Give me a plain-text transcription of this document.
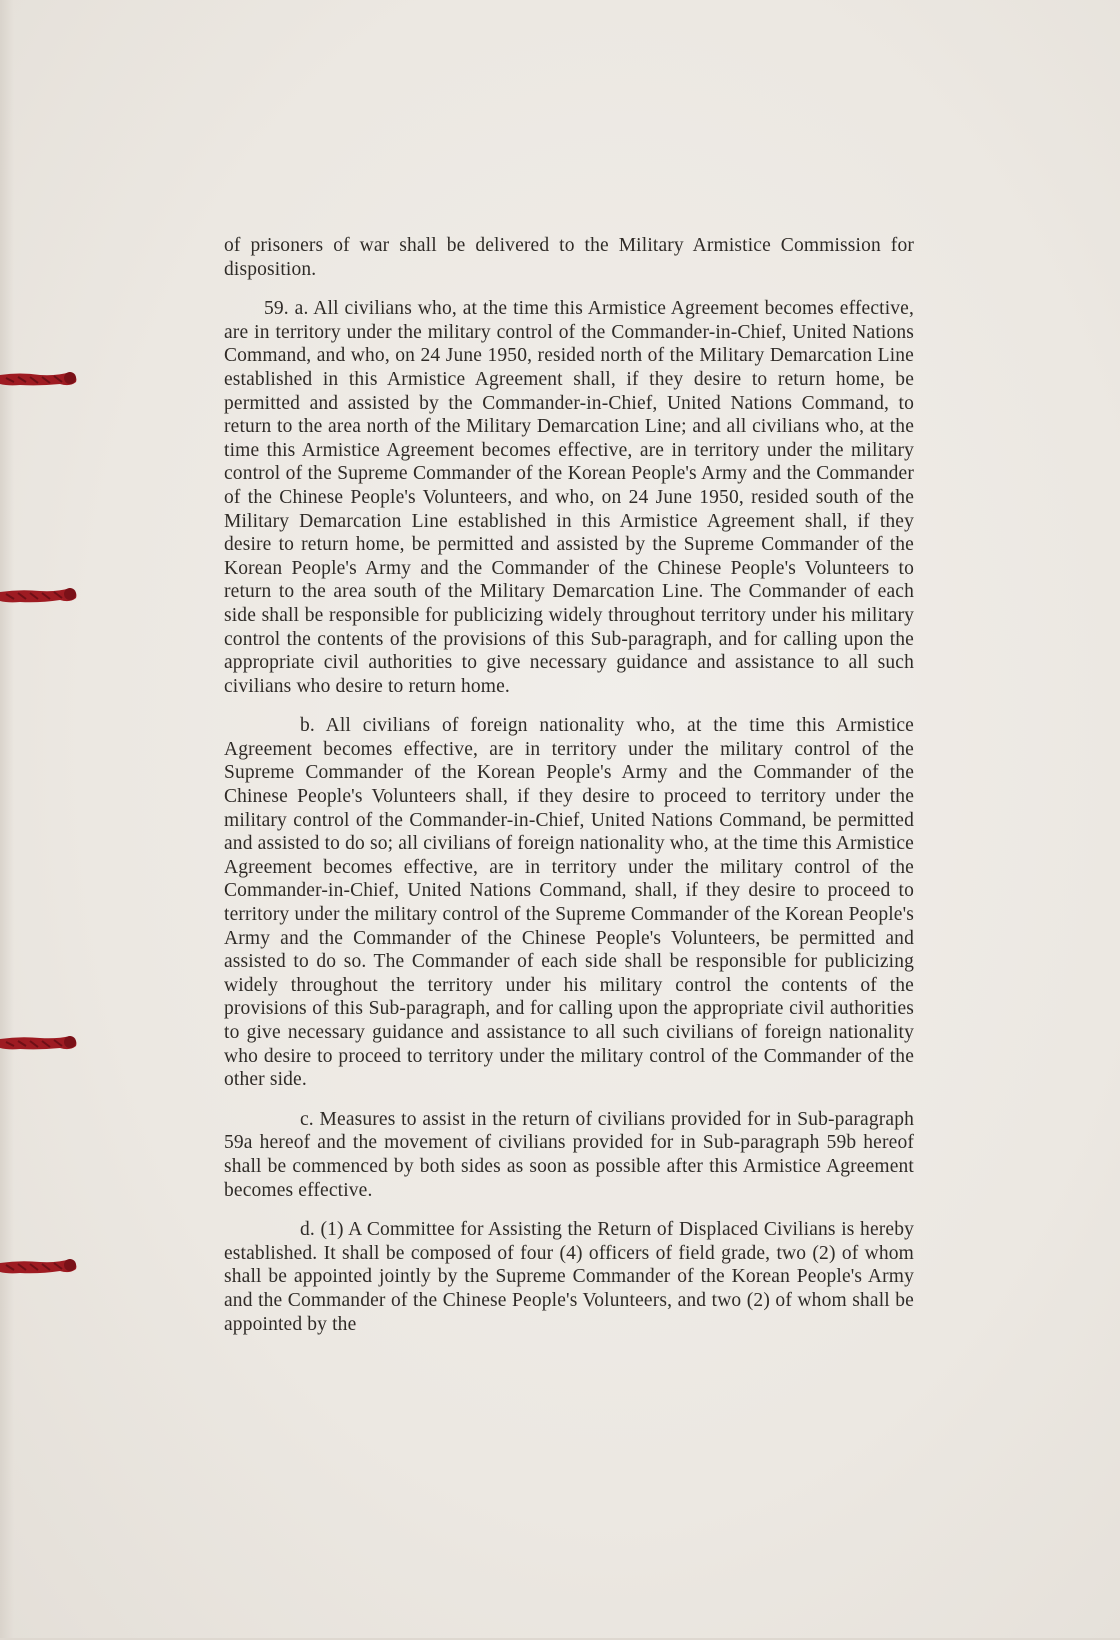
of prisoners of war shall be delivered to the Military Armistice Commission for disposition.

59. a. All civilians who, at the time this Armistice Agreement becomes effective, are in territory under the military control of the Commander-in-Chief, United Nations Command, and who, on 24 June 1950, resided north of the Military Demarcation Line established in this Armistice Agreement shall, if they desire to return home, be permitted and assisted by the Commander-in-Chief, United Nations Command, to return to the area north of the Military Demarcation Line; and all civilians who, at the time this Armistice Agreement becomes effective, are in territory under the military control of the Supreme Commander of the Korean People's Army and the Commander of the Chinese People's Volunteers, and who, on 24 June 1950, resided south of the Military Demarcation Line established in this Armistice Agreement shall, if they desire to return home, be permitted and assisted by the Supreme Commander of the Korean People's Army and the Commander of the Chinese People's Volunteers to return to the area south of the Military Demarcation Line. The Commander of each side shall be responsible for publicizing widely throughout territory under his military control the contents of the provisions of this Sub-paragraph, and for calling upon the appropriate civil authorities to give necessary guidance and assistance to all such civilians who desire to return home.

b. All civilians of foreign nationality who, at the time this Armistice Agreement becomes effective, are in territory under the military control of the Supreme Commander of the Korean People's Army and the Commander of the Chinese People's Volunteers shall, if they desire to proceed to territory under the military control of the Commander-in-Chief, United Nations Command, be permitted and assisted to do so; all civilians of foreign nationality who, at the time this Armistice Agreement becomes effective, are in territory under the military control of the Commander-in-Chief, United Nations Command, shall, if they desire to proceed to territory under the military control of the Supreme Commander of the Korean People's Army and the Commander of the Chinese People's Volunteers, be permitted and assisted to do so. The Commander of each side shall be responsible for publicizing widely throughout the territory under his military control the contents of the provisions of this Sub-paragraph, and for calling upon the appropriate civil authorities to give necessary guidance and assistance to all such civilians of foreign nationality who desire to proceed to territory under the military control of the Commander of the other side.

c. Measures to assist in the return of civilians provided for in Sub-paragraph 59a hereof and the movement of civilians provided for in Sub-paragraph 59b hereof shall be commenced by both sides as soon as possible after this Armistice Agreement becomes effective.

d. (1) A Committee for Assisting the Return of Displaced Civilians is hereby established. It shall be composed of four (4) officers of field grade, two (2) of whom shall be appointed jointly by the Supreme Commander of the Korean People's Army and the Commander of the Chinese People's Volunteers, and two (2) of whom shall be appointed by the
